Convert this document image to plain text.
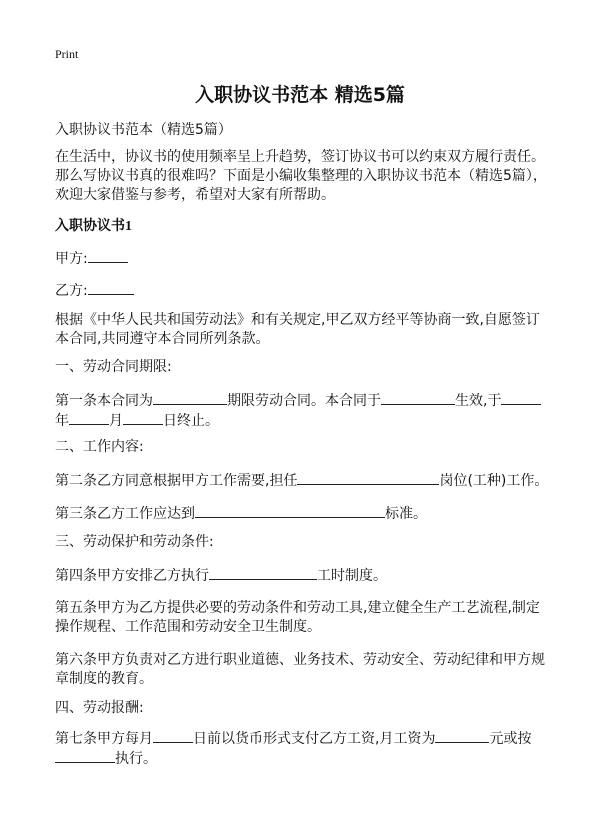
Print
入职协议书范本 精选5篇
入职协议书范本（精选5篇）
在生活中，协议书的使用频率呈上升趋势，签订协议书可以约束双方履行责任。那么写协议书真的很难吗？下面是小编收集整理的入职协议书范本（精选5篇），欢迎大家借鉴与参考，希望对大家有所帮助。
入职协议书1
甲方:
乙方:
根据《中华人民共和国劳动法》和有关规定,甲乙双方经平等协商一致,自愿签订本合同,共同遵守本合同所列条款。
一、劳动合同期限:
第一条本合同为	期限劳动合同。本合同于	生效,于
年	月	日终止。
二、工作内容:
第二条乙方同意根据甲方工作需要,担任	岗位(工种)工作。
第三条乙方工作应达到	标准。
三、劳动保护和劳动条件:
第四条甲方安排乙方执行	工时制度。
第五条甲方为乙方提供必要的劳动条件和劳动工具,建立健全生产工艺流程,制定操作规程、工作范围和劳动安全卫生制度。
第六条甲方负责对乙方进行职业道德、业务技术、劳动安全、劳动纪律和甲方规章制度的教育。
四、劳动报酬:
第七条甲方每月	日前以货币形式支付乙方工资,月工资为	元或按
执行。
